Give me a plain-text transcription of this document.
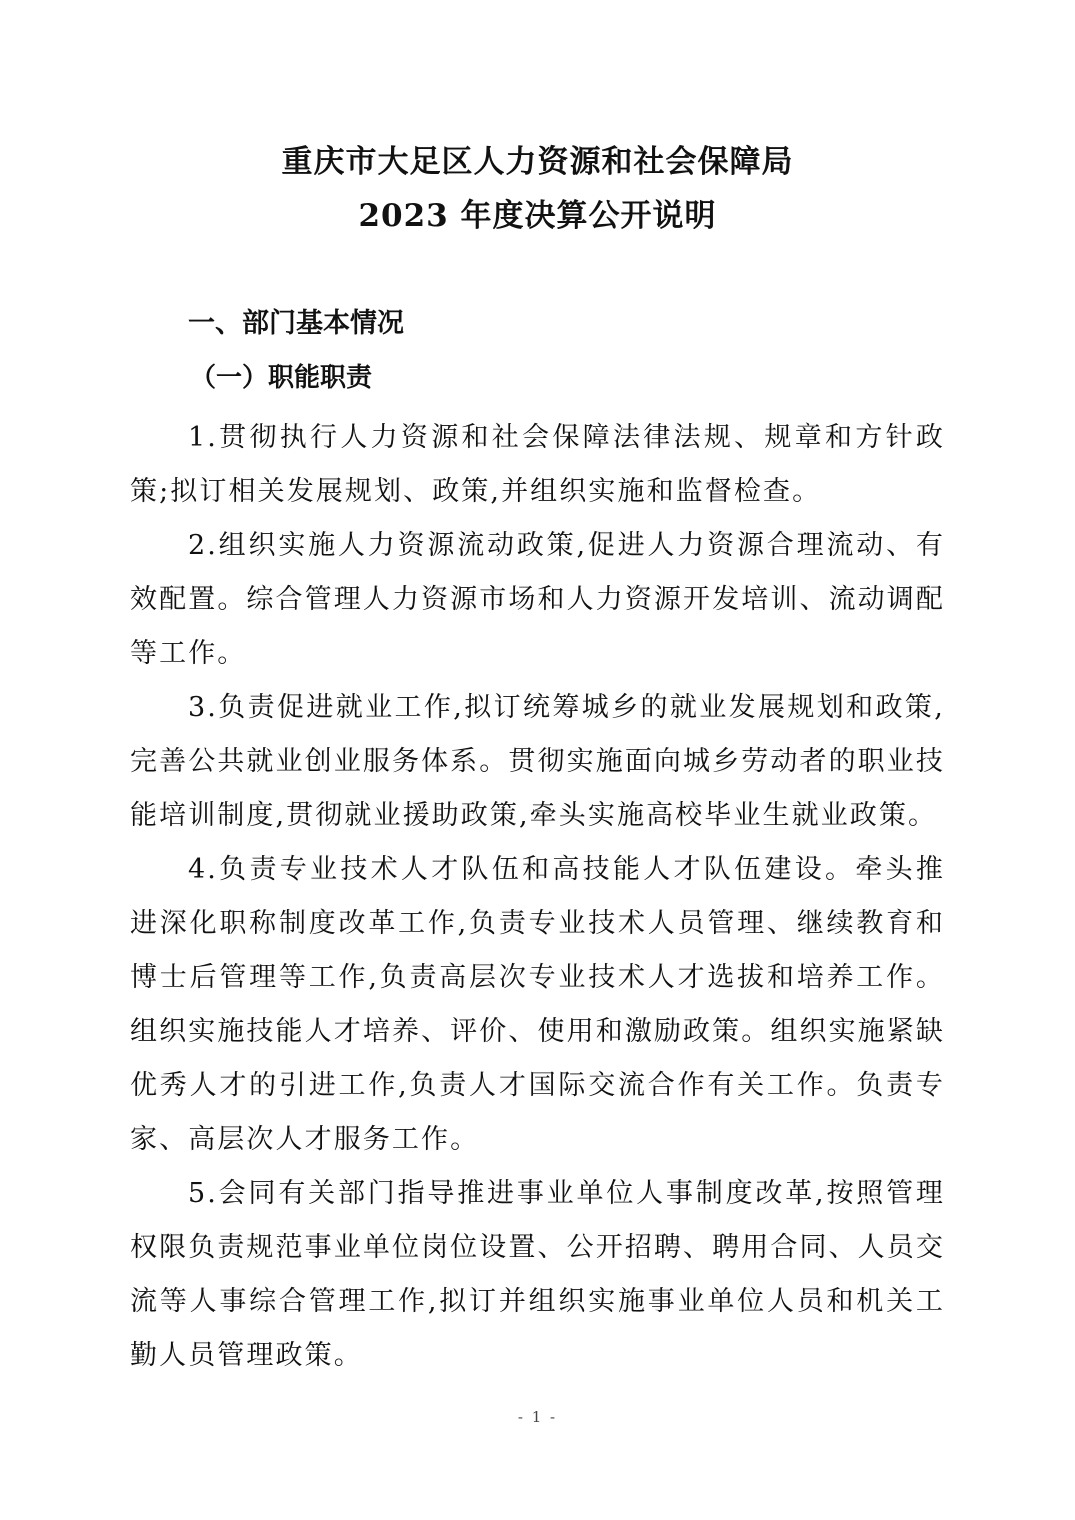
重庆市大足区人力资源和社会保障局
2023 年度决算公开说明
一、部门基本情况
（一）职能职责

1.贯彻执行人力资源和社会保障法律法规、规章和方针政策;拟订相关发展规划、政策,并组织实施和监督检查。

2.组织实施人力资源流动政策,促进人力资源合理流动、有效配置。综合管理人力资源市场和人力资源开发培训、流动调配等工作。

3.负责促进就业工作,拟订统筹城乡的就业发展规划和政策,完善公共就业创业服务体系。贯彻实施面向城乡劳动者的职业技能培训制度,贯彻就业援助政策,牵头实施高校毕业生就业政策。

4.负责专业技术人才队伍和高技能人才队伍建设。牵头推进深化职称制度改革工作,负责专业技术人员管理、继续教育和博士后管理等工作,负责高层次专业技术人才选拔和培养工作。组织实施技能人才培养、评价、使用和激励政策。组织实施紧缺优秀人才的引进工作,负责人才国际交流合作有关工作。负责专家、高层次人才服务工作。

5.会同有关部门指导推进事业单位人事制度改革,按照管理权限负责规范事业单位岗位设置、公开招聘、聘用合同、人员交流等人事综合管理工作,拟订并组织实施事业单位人员和机关工勤人员管理政策。

- 1 -
